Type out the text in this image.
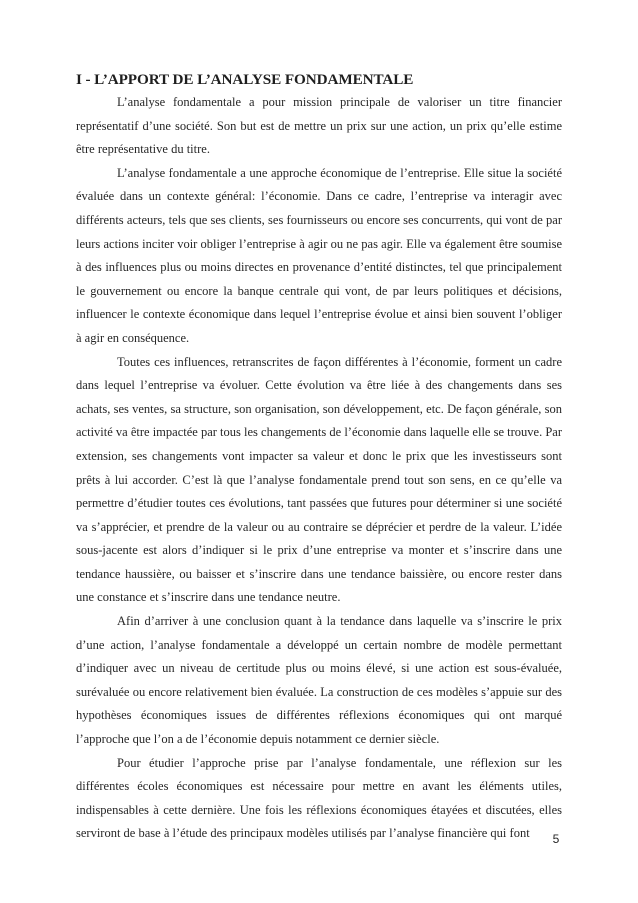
I - L’APPORT DE L’ANALYSE FONDAMENTALE

L’analyse fondamentale a pour mission principale de valoriser un titre financier représentatif d’une société. Son but est de mettre un prix sur une action, un prix qu’elle estime être représentative du titre.

L’analyse fondamentale a une approche économique de l’entreprise. Elle situe la société évaluée dans un contexte général: l’économie. Dans ce cadre, l’entreprise va interagir avec différents acteurs, tels que ses clients, ses fournisseurs ou encore ses concurrents, qui vont de par leurs actions inciter voir obliger l’entreprise à agir ou ne pas agir. Elle va également être soumise à des influences plus ou moins directes en provenance d’entité distinctes, tel que principalement le gouvernement ou encore la banque centrale qui vont, de par leurs politiques et décisions, influencer le contexte économique dans lequel l’entreprise évolue et ainsi bien souvent l’obliger à agir en conséquence.

Toutes ces influences, retranscrites de façon différentes à l’économie, forment un cadre dans lequel l’entreprise va évoluer. Cette évolution va être liée à des changements dans ses achats, ses ventes, sa structure, son organisation, son développement, etc. De façon générale, son activité va être impactée par tous les changements de l’économie dans laquelle elle se trouve. Par extension, ses changements vont impacter sa valeur et donc le prix que les investisseurs sont prêts à lui accorder. C’est là que l’analyse fondamentale prend tout son sens, en ce qu’elle va permettre d’étudier toutes ces évolutions, tant passées que futures pour déterminer si une société va s’apprécier, et prendre de la valeur ou au contraire se déprécier et perdre de la valeur. L’idée sous-jacente est alors d’indiquer si le prix d’une entreprise va monter et s’inscrire dans une tendance haussière, ou baisser et s’inscrire dans une tendance baissière, ou encore rester dans une constance et s’inscrire dans une tendance neutre.

Afin d’arriver à une conclusion quant à la tendance dans laquelle va s’inscrire le prix d’une action, l’analyse fondamentale a développé un certain nombre de modèle permettant d’indiquer avec un niveau de certitude plus ou moins élevé, si une action est sous-évaluée, surévaluée ou encore relativement bien évaluée. La construction de ces modèles s’appuie sur des hypothèses économiques issues de différentes réflexions économiques qui ont marqué l’approche que l’on a de l’économie depuis notamment ce dernier siècle.

Pour étudier l’approche prise par l’analyse fondamentale, une réflexion sur les différentes écoles économiques est nécessaire pour mettre en avant les éléments utiles, indispensables à cette dernière. Une fois les réflexions économiques étayées et discutées, elles serviront de base à l’étude des principaux modèles utilisés par l’analyse financière qui font	5
